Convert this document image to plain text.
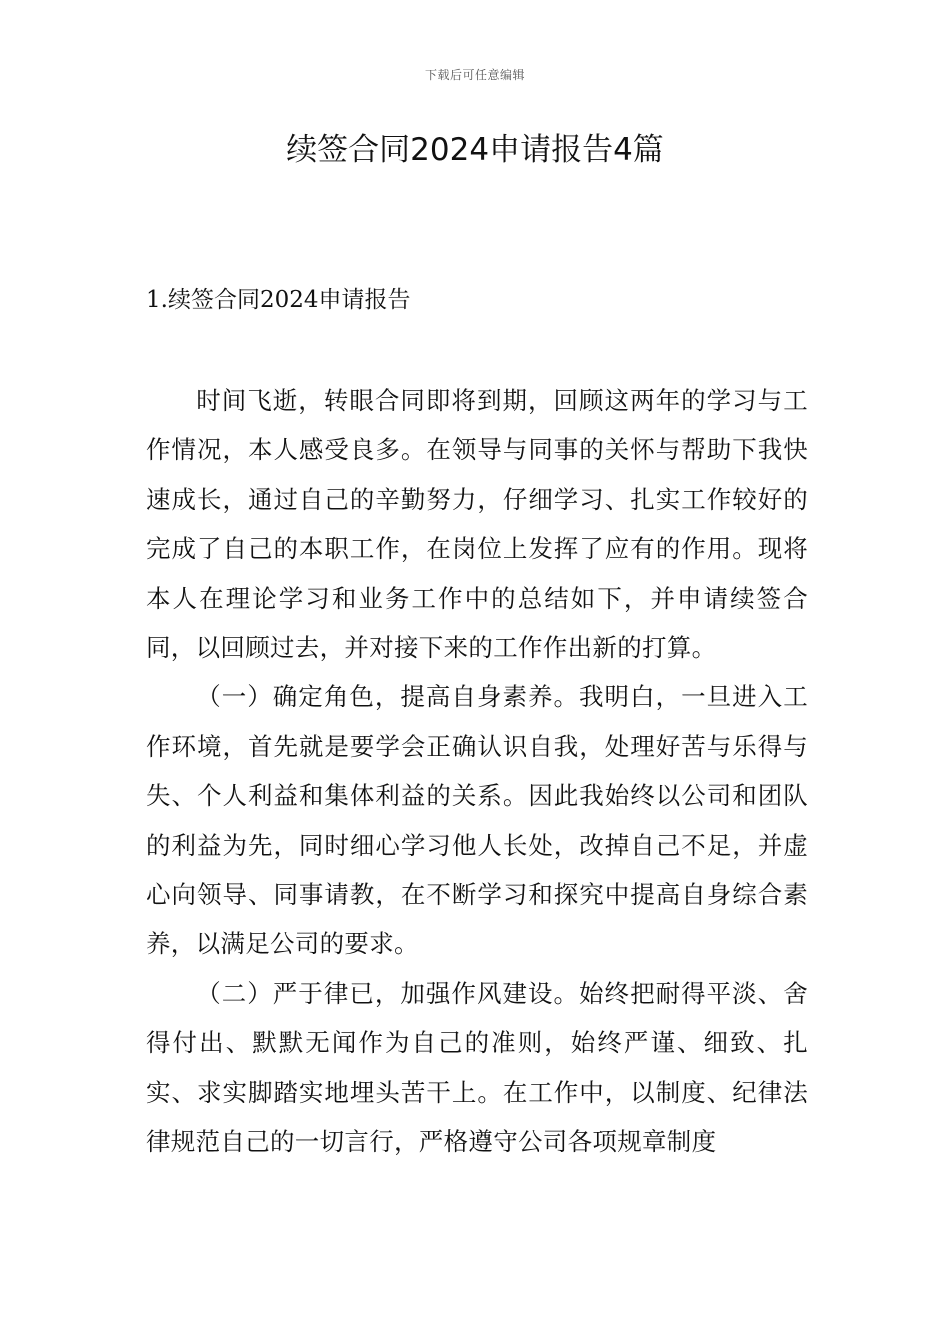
下载后可任意编辑
续签合同2024申请报告4篇
1.续签合同2024申请报告

时间飞逝，转眼合同即将到期，回顾这两年的学习与工作情况，本人感受良多。在领导与同事的关怀与帮助下我快速成长，通过自己的辛勤努力，仔细学习、扎实工作较好的完成了自己的本职工作，在岗位上发挥了应有的作用。现将本人在理论学习和业务工作中的总结如下，并申请续签合同，以回顾过去，并对接下来的工作作出新的打算。

（一）确定角色，提高自身素养。我明白，一旦进入工作环境，首先就是要学会正确认识自我，处理好苦与乐得与失、个人利益和集体利益的关系。因此我始终以公司和团队的利益为先，同时细心学习他人长处，改掉自己不足，并虚心向领导、同事请教，在不断学习和探究中提高自身综合素养，以满足公司的要求。

（二）严于律已，加强作风建设。始终把耐得平淡、舍得付出、默默无闻作为自己的准则，始终严谨、细致、扎实、求实脚踏实地埋头苦干上。在工作中，以制度、纪律法律规范自己的一切言行，严格遵守公司各项规章制度
